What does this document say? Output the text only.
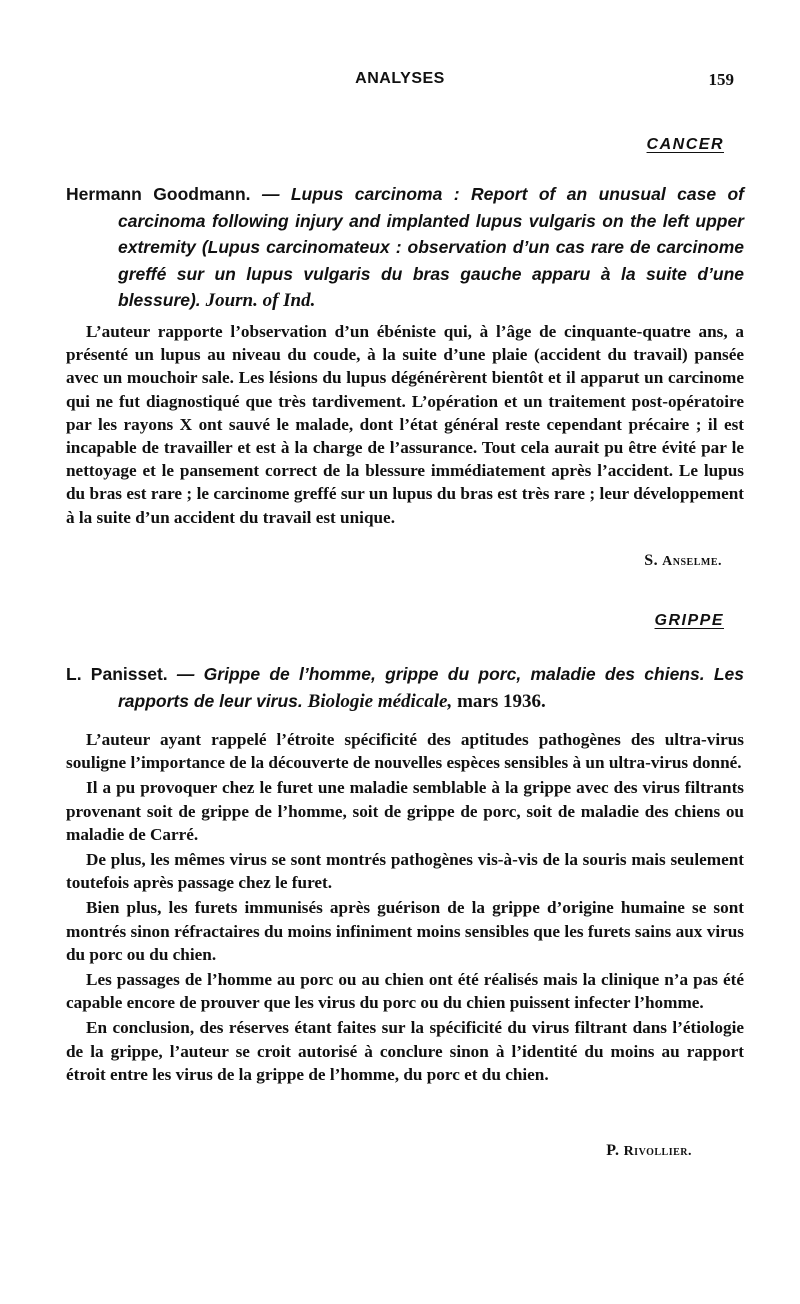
ANALYSES	159
CANCER
Hermann Goodmann. — Lupus carcinoma : Report of an unusual case of carcinoma following injury and implanted lupus vulgaris on the left upper extremity (Lupus carcinomateux : observation d’un cas rare de carcinome greffé sur un lupus vulgaris du bras gauche apparu à la suite d’une blessure). Journ. of Ind.

L’auteur rapporte l’observation d’un ébéniste qui, à l’âge de cinquante-quatre ans, a présenté un lupus au niveau du coude, à la suite d’une plaie (accident du travail) pansée avec un mouchoir sale. Les lésions du lupus dégénérèrent bientôt et il apparut un carcinome qui ne fut diagnostiqué que très tardivement. L’opération et un traitement post-opératoire par les rayons X ont sauvé le malade, dont l’état général reste cependant précaire ; il est incapable de travailler et est à la charge de l’assurance. Tout cela aurait pu être évité par le nettoyage et le pansement correct de la blessure immédiatement après l’accident. Le lupus du bras est rare ; le carcinome greffé sur un lupus du bras est très rare ; leur développement à la suite d’un accident du travail est unique.

S. Anselme.
GRIPPE
L. Panisset. — Grippe de l’homme, grippe du porc, maladie des chiens. Les rapports de leur virus. Biologie médicale, mars 1936.

L’auteur ayant rappelé l’étroite spécificité des aptitudes pathogènes des ultra-virus souligne l’importance de la découverte de nouvelles espèces sensibles à un ultra-virus donné.

Il a pu provoquer chez le furet une maladie semblable à la grippe avec des virus filtrants provenant soit de grippe de l’homme, soit de grippe de porc, soit de maladie des chiens ou maladie de Carré.

De plus, les mêmes virus se sont montrés pathogènes vis-à-vis de la souris mais seulement toutefois après passage chez le furet.

Bien plus, les furets immunisés après guérison de la grippe d’origine humaine se sont montrés sinon réfractaires du moins infiniment moins sensibles que les furets sains aux virus du porc ou du chien.

Les passages de l’homme au porc ou au chien ont été réalisés mais la clinique n’a pas été capable encore de prouver que les virus du porc ou du chien puissent infecter l’homme.

En conclusion, des réserves étant faites sur la spécificité du virus filtrant dans l’étiologie de la grippe, l’auteur se croit autorisé à conclure sinon à l’identité du moins au rapport étroit entre les virus de la grippe de l’homme, du porc et du chien.

P. Rivollier.
